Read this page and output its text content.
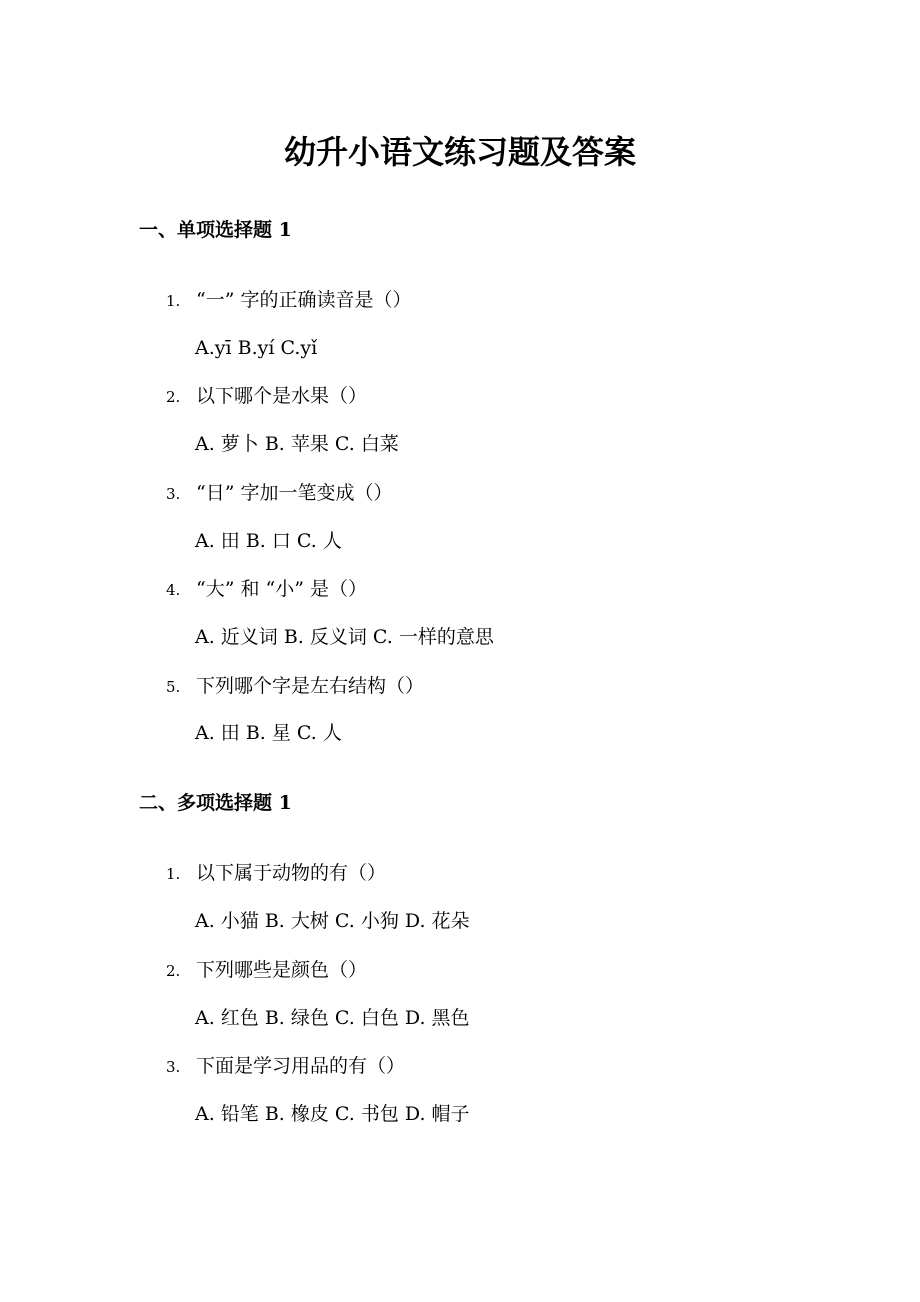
幼升小语文练习题及答案
一、单项选择题 1
1. “一” 字的正确读音是（）
A.yī B.yí C.yǐ
2. 以下哪个是水果（）
A. 萝卜 B. 苹果 C. 白菜
3. “日” 字加一笔变成（）
A. 田 B. 口 C. 人
4. “大” 和 “小” 是（）
A. 近义词 B. 反义词 C. 一样的意思
5. 下列哪个字是左右结构（）
A. 田 B. 星 C. 人
二、多项选择题 1
1. 以下属于动物的有（）
A. 小猫 B. 大树 C. 小狗 D. 花朵
2. 下列哪些是颜色（）
A. 红色 B. 绿色 C. 白色 D. 黑色
3. 下面是学习用品的有（）
A. 铅笔 B. 橡皮 C. 书包 D. 帽子
